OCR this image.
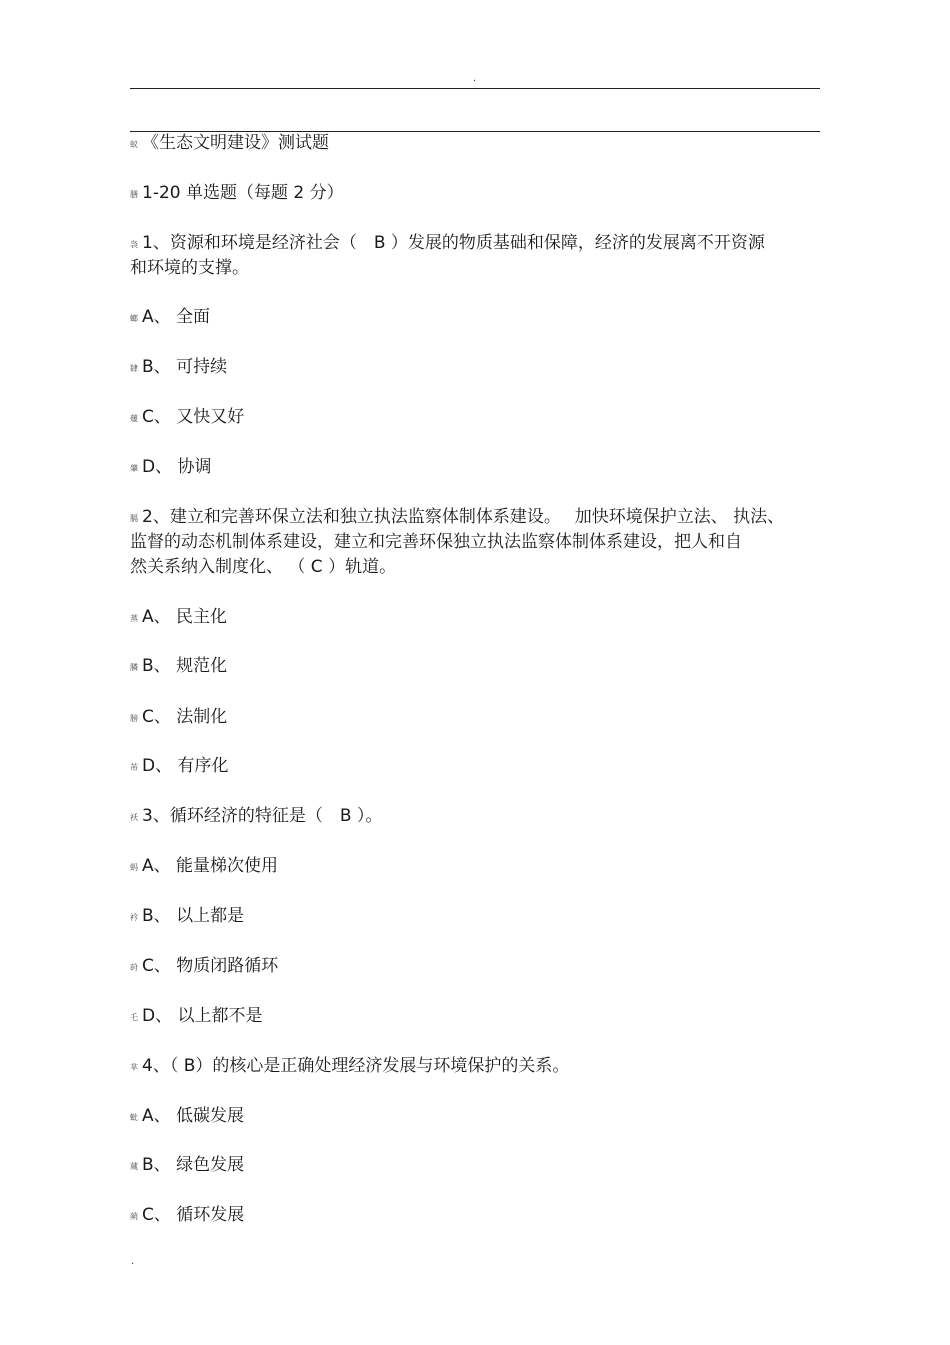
.
蚁 《生态文明建设》测试题
膳 1-20 单选题（每题 2 分）
袅 1、资源和环境是经济社会（　B ）发展的物质基础和保障，经济的发展离不开资源
和环境的支撑。
螂 A、 全面
肄 B、 可持续
蕿 C、 又快又好
肇 D、 协调
膈 2、建立和完善环保立法和独立执法监察体制体系建设。　 加快环境保护立法、 执法、
监督的动态机制体系建设，建立和完善环保独立执法监察体制体系建设，把人和自
然关系纳入制度化、 （ C ）轨道。
蒸 A、 民主化
膦 B、 规范化
膀 C、 法制化
芾 D、 有序化
袄 3、循环经济的特征是（　B ）。
蚂 A、 能量梯次使用
衿 B、 以上都是
莳 C、 物质闭路循环
乇 D、 以上都不是
芈 4、（ B）的核心是正确处理经济发展与环境保护的关系。
蚍 A、 低碳发展
蒇 B、 绿色发展
蒴 C、 循环发展
.
